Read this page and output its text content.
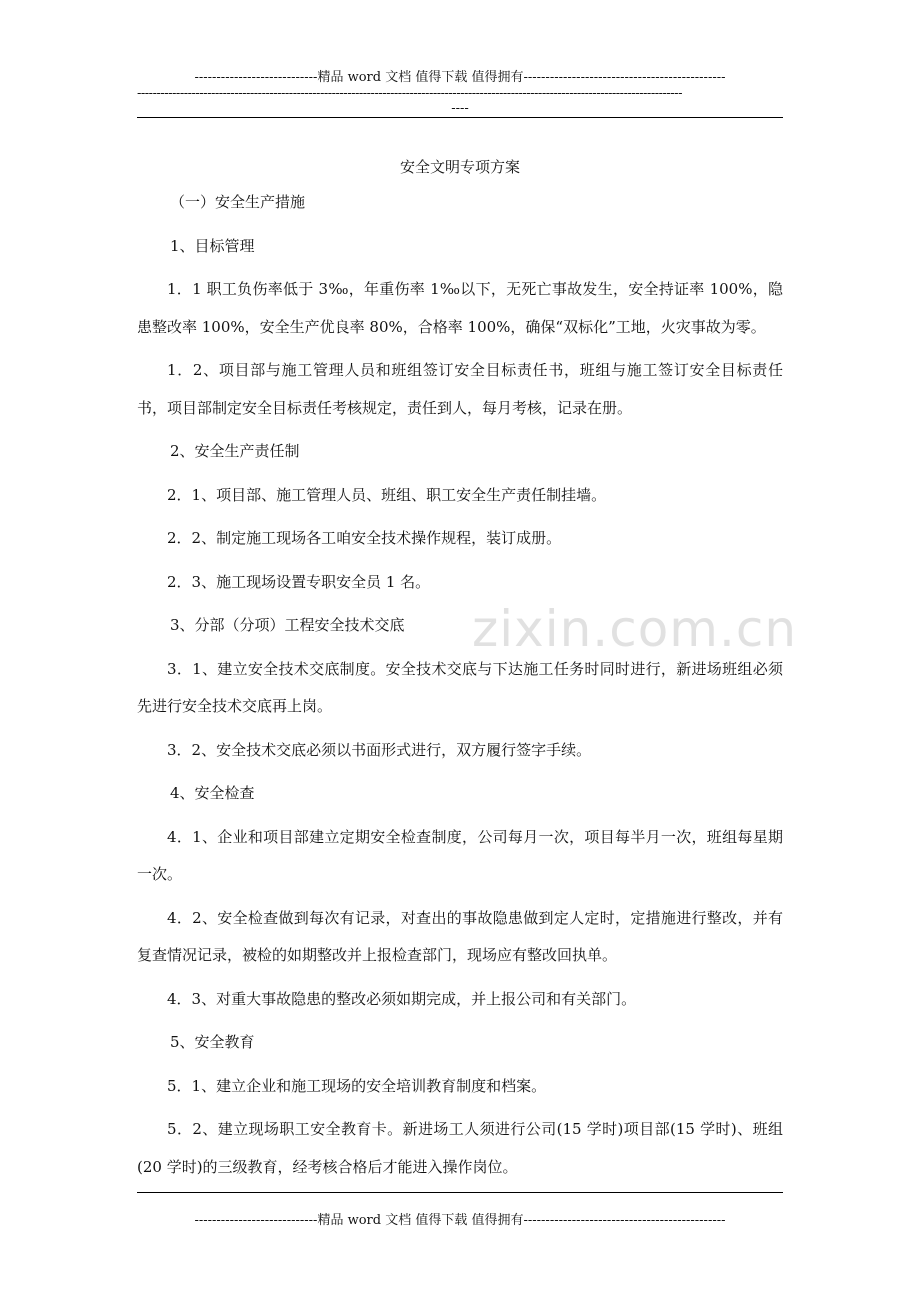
----------------------------精品 word 文档 值得下载 值得拥有----------------------------------------------
--------------------------------------------------------------------------------------------------------------------------------------------
----
安全文明专项方案

（一）安全生产措施

1、目标管理

1．1 职工负伤率低于 3‰，年重伤率 1‰以下，无死亡事故发生，安全持证率 100%，隐患整改率 100%，安全生产优良率 80%，合格率 100%，确保“双标化”工地，火灾事故为零。

1．2、项目部与施工管理人员和班组签订安全目标责任书，班组与施工签订安全目标责任书，项目部制定安全目标责任考核规定，责任到人，每月考核，记录在册。

2、安全生产责任制

2．1、项目部、施工管理人员、班组、职工安全生产责任制挂墙。

2．2、制定施工现场各工咱安全技术操作规程，装订成册。

2．3、施工现场设置专职安全员 1 名。

3、分部（分项）工程安全技术交底

3．1、建立安全技术交底制度。安全技术交底与下达施工任务时同时进行，新进场班组必须先进行安全技术交底再上岗。

3．2、安全技术交底必须以书面形式进行，双方履行签字手续。

4、安全检查

4．1、企业和项目部建立定期安全检查制度，公司每月一次，项目每半月一次，班组每星期一次。

4．2、安全检查做到每次有记录，对查出的事故隐患做到定人定时，定措施进行整改，并有复查情况记录，被检的如期整改并上报检查部门，现场应有整改回执单。

4．3、对重大事故隐患的整改必须如期完成，并上报公司和有关部门。

5、安全教育

5．1、建立企业和施工现场的安全培训教育制度和档案。

5．2、建立现场职工安全教育卡。新进场工人须进行公司(15 学时)项目部(15 学时)、班组(20 学时)的三级教育，经考核合格后才能进入操作岗位。

zixin.com.cn
----------------------------精品 word 文档 值得下载 值得拥有----------------------------------------------
